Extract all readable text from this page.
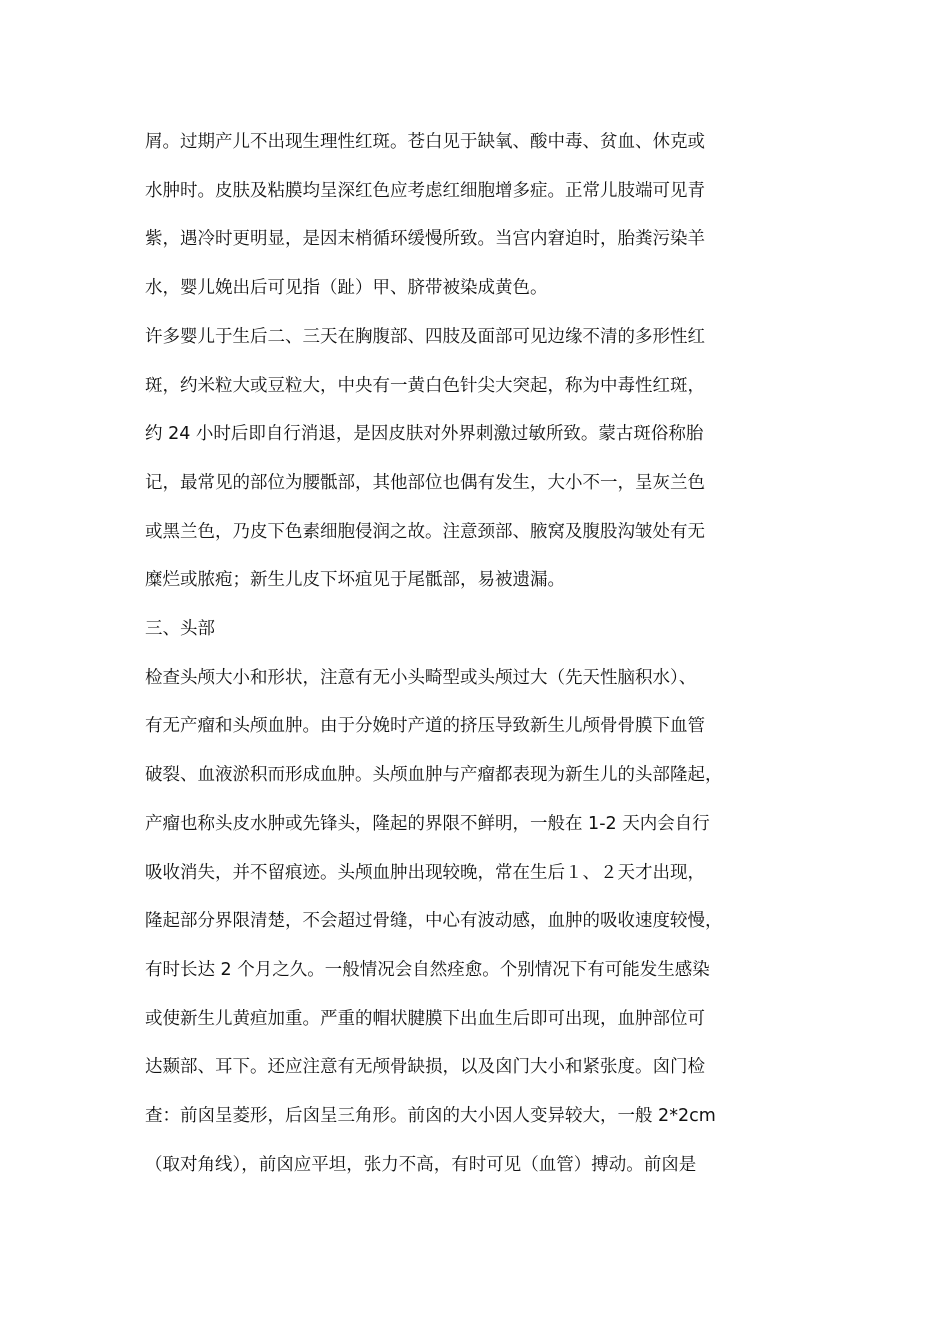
屑。过期产儿不出现生理性红斑。苍白见于缺氧、酸中毒、贫血、休克或
水肿时。皮肤及粘膜均呈深红色应考虑红细胞增多症。正常儿肢端可见青
紫，遇冷时更明显，是因末梢循环缓慢所致。当宫内窘迫时，胎粪污染羊
水，婴儿娩出后可见指（趾）甲、脐带被染成黄色。
许多婴儿于生后二、三天在胸腹部、四肢及面部可见边缘不清的多形性红
斑，约米粒大或豆粒大，中央有一黄白色针尖大突起，称为中毒性红斑，
约 24 小时后即自行消退，是因皮肤对外界刺激过敏所致。蒙古斑俗称胎
记，最常见的部位为腰骶部，其他部位也偶有发生，大小不一，呈灰兰色
或黑兰色，乃皮下色素细胞侵润之故。注意颈部、腋窝及腹股沟皱处有无
糜烂或脓疱；新生儿皮下坏疽见于尾骶部，易被遗漏。
三、头部
检查头颅大小和形状，注意有无小头畸型或头颅过大（先天性脑积水）、
有无产瘤和头颅血肿。由于分娩时产道的挤压导致新生儿颅骨骨膜下血管
破裂、血液淤积而形成血肿。头颅血肿与产瘤都表现为新生儿的头部隆起，
产瘤也称头皮水肿或先锋头，隆起的界限不鲜明，一般在 1-2 天内会自行
吸收消失，并不留痕迹。头颅血肿出现较晚，常在生后１、２天才出现，
隆起部分界限清楚，不会超过骨缝，中心有波动感，血肿的吸收速度较慢，
有时长达 2 个月之久。一般情况会自然痊愈。个别情况下有可能发生感染
或使新生儿黄疸加重。严重的帽状腱膜下出血生后即可出现，血肿部位可
达颞部、耳下。还应注意有无颅骨缺损，以及囟门大小和紧张度。囟门检
查：前囟呈菱形，后囟呈三角形。前囟的大小因人变异较大，一般 2*2cm
（取对角线），前囟应平坦，张力不高，有时可见（血管）搏动。前囟是
